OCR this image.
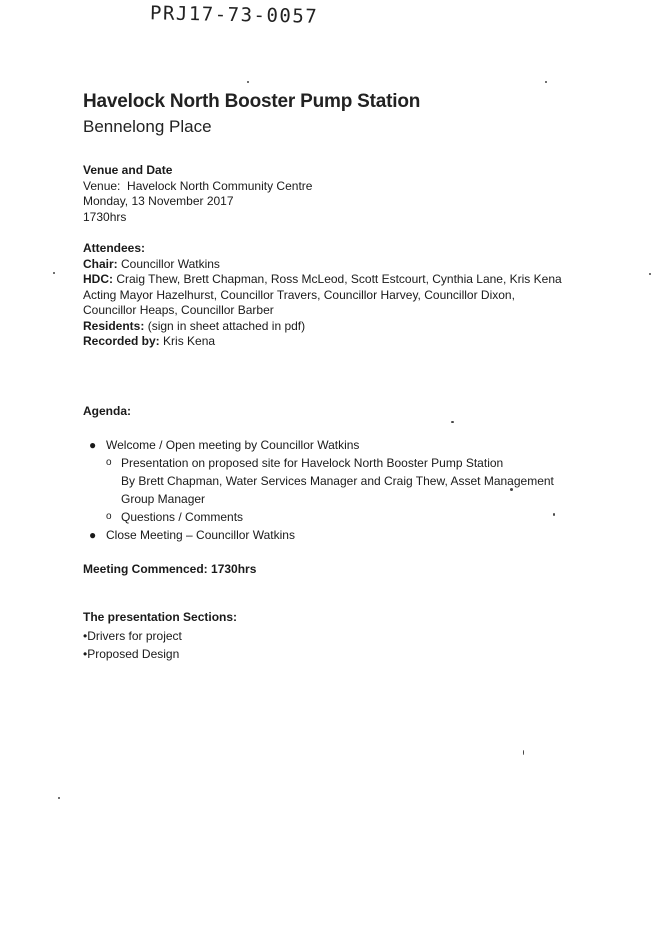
PRJ17-73-0057
Havelock North Booster Pump Station
Bennelong Place

Venue and Date

Venue: Havelock North Community Centre

Monday, 13 November 2017

1730hrs

Attendees:

Chair: Councillor Watkins

HDC: Craig Thew, Brett Chapman, Ross McLeod, Scott Estcourt, Cynthia Lane, Kris Kena

Acting Mayor Hazelhurst, Councillor Travers, Councillor Harvey, Councillor Dixon,

Councillor Heaps, Councillor Barber

Residents: (sign in sheet attached in pdf)

Recorded by: Kris Kena

Agenda:

● Welcome / Open meeting by Councillor Watkins
o Presentation on proposed site for Havelock North Booster Pump Station
By Brett Chapman, Water Services Manager and Craig Thew, Asset Management
Group Manager
o Questions / Comments
● Close Meeting – Councillor Watkins

Meeting Commenced: 1730hrs

The presentation Sections:

•Drivers for project

•Proposed Design
